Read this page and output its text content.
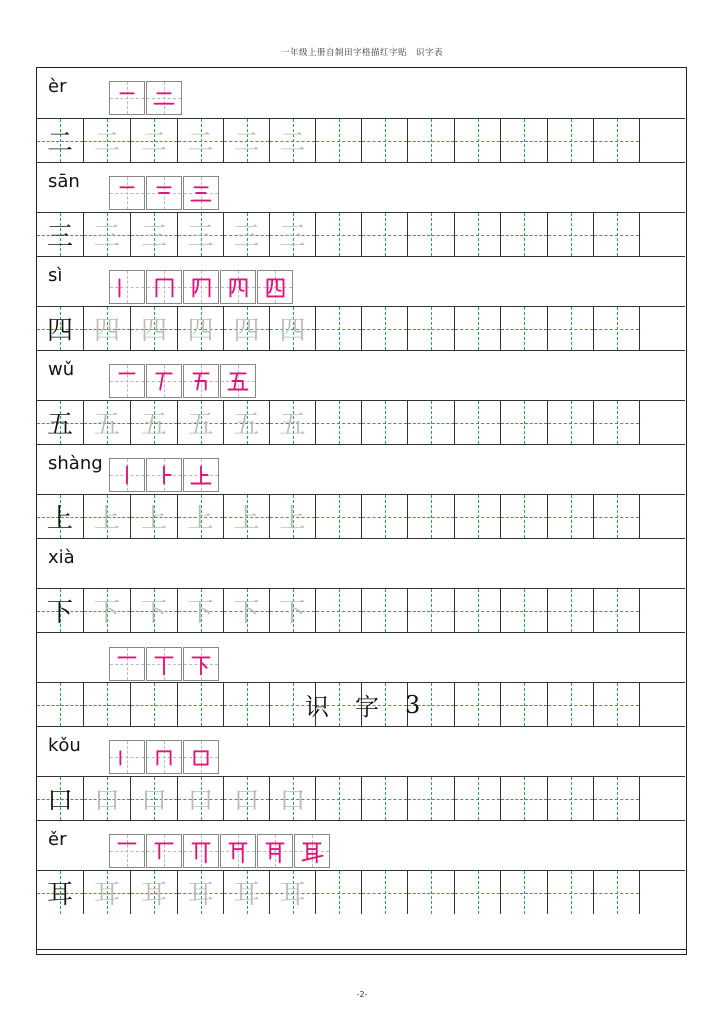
一年级上册自制田字格描红字贴　识字表
èr
二 二 二 二 二 二
sān
三 三 三 三 三 三
sì
四 四 四 四 四 四
wǔ
五 五 五 五 五 五
shàng
上 上 上 上 上 上
xià
下 下 下 下 下 下
识 字 3
kǒu
口 口 口 口 口 口
ěr
耳 耳 耳 耳 耳 耳
-2-
